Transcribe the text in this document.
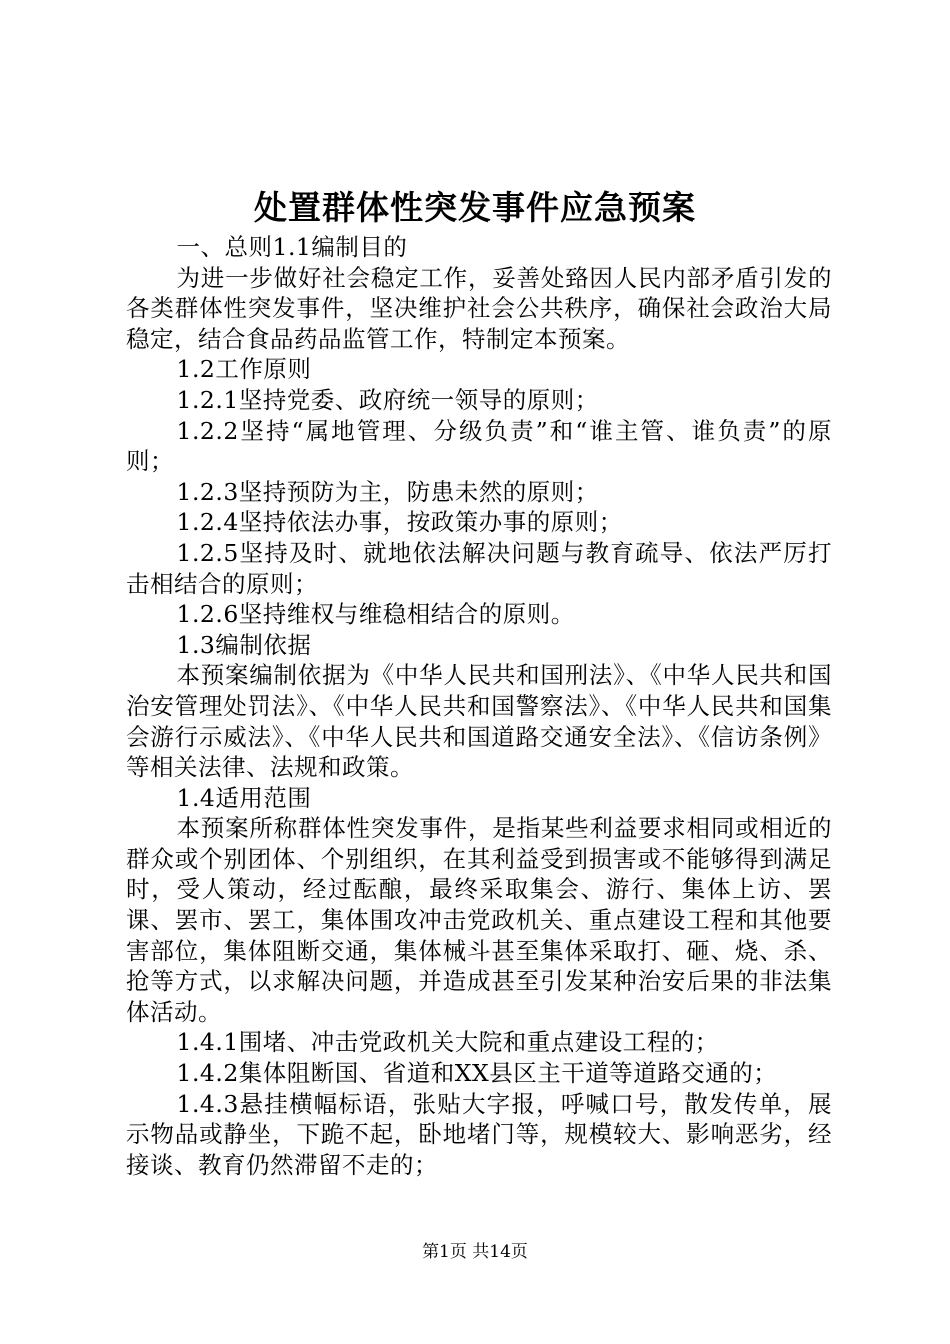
处置群体性突发事件应急预案

一、总则1.1编制目的

为进一步做好社会稳定工作，妥善处臵因人民内部矛盾引发的各类群体性突发事件，坚决维护社会公共秩序，确保社会政治大局稳定，结合食品药品监管工作，特制定本预案。

1.2工作原则

1.2.1坚持党委、政府统一领导的原则；

1.2.2坚持“属地管理、分级负责”和“谁主管、谁负责”的原则；

1.2.3坚持预防为主，防患未然的原则；

1.2.4坚持依法办事，按政策办事的原则；

1.2.5坚持及时、就地依法解决问题与教育疏导、依法严厉打击相结合的原则；

1.2.6坚持维权与维稳相结合的原则。

1.3编制依据

本预案编制依据为《中华人民共和国刑法》、《中华人民共和国治安管理处罚法》、《中华人民共和国警察法》、《中华人民共和国集会游行示威法》、《中华人民共和国道路交通安全法》、《信访条例》等相关法律、法规和政策。

1.4适用范围

本预案所称群体性突发事件，是指某些利益要求相同或相近的群众或个别团体、个别组织，在其利益受到损害或不能够得到满足时，受人策动，经过酝酿，最终采取集会、游行、集体上访、罢课、罢市、罢工，集体围攻冲击党政机关、重点建设工程和其他要害部位，集体阻断交通，集体械斗甚至集体采取打、砸、烧、杀、抢等方式，以求解决问题，并造成甚至引发某种治安后果的非法集体活动。

1.4.1围堵、冲击党政机关大院和重点建设工程的；

1.4.2集体阻断国、省道和XX县区主干道等道路交通的；

1.4.3悬挂横幅标语，张贴大字报，呼喊口号，散发传单，展示物品或静坐，下跪不起，卧地堵门等，规模较大、影响恶劣，经接谈、教育仍然滞留不走的；

第1页 共14页
